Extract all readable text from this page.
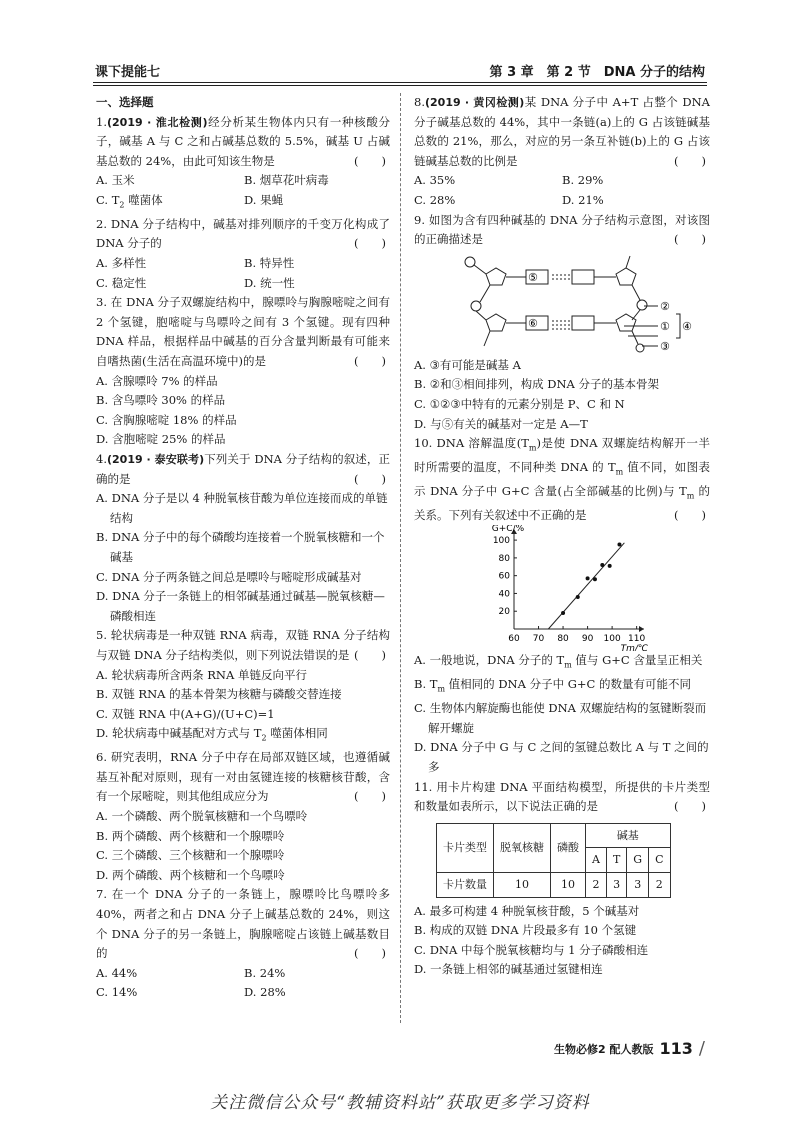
课下提能七	第 3 章　第 2 节　DNA 分子的结构
一、选择题
1.(2019 · 淮北检测)经分析某生物体内只有一种核酸分子，碱基 A 与 C 之和占碱基总数的 5.5%，碱基 U 占碱基总数的 24%，由此可知该生物是	(　　)
A. 玉米	B. 烟草花叶病毒
C. $T_2$ 噬菌体	D. 果蝇
2. DNA 分子结构中，碱基对排列顺序的千变万化构成了 DNA 分子的	(　　)
A. 多样性	B. 特异性
C. 稳定性	D. 统一性
3. 在 DNA 分子双螺旋结构中，腺嘌呤与胸腺嘧啶之间有 2 个氢键，胞嘧啶与鸟嘌呤之间有 3 个氢键。现有四种 DNA 样品，根据样品中碱基的百分含量判断最有可能来自嗜热菌(生活在高温环境中)的是	(　　)
A. 含腺嘌呤 7% 的样品
B. 含鸟嘌呤 30% 的样品
C. 含胸腺嘧啶 18% 的样品
D. 含胞嘧啶 25% 的样品
4.(2019 · 泰安联考)下列关于 DNA 分子结构的叙述，正确的是	(　　)
A. DNA 分子是以 4 种脱氧核苷酸为单位连接而成的单链结构
B. DNA 分子中的每个磷酸均连接着一个脱氧核糖和一个碱基
C. DNA 分子两条链之间总是嘌呤与嘧啶形成碱基对
D. DNA 分子一条链上的相邻碱基通过碱基—脱氧核糖—磷酸相连
5. 轮状病毒是一种双链 RNA 病毒，双链 RNA 分子结构与双链 DNA 分子结构类似，则下列说法错误的是 (　　)
A. 轮状病毒所含两条 RNA 单链反向平行
B. 双链 RNA 的基本骨架为核糖与磷酸交替连接
C. 双链 RNA 中(A+G)/(U+C)=1
D. 轮状病毒中碱基配对方式与 $T_2$ 噬菌体相同
6. 研究表明，RNA 分子中存在局部双链区域，也遵循碱基互补配对原则，现有一对由氢键连接的核糖核苷酸，含有一个尿嘧啶，则其他组成应分为	(　　)
A. 一个磷酸、两个脱氧核糖和一个鸟嘌呤
B. 两个磷酸、两个核糖和一个腺嘌呤
C. 三个磷酸、三个核糖和一个腺嘌呤
D. 两个磷酸、两个核糖和一个鸟嘌呤
7. 在一个 DNA 分子的一条链上，腺嘌呤比鸟嘌呤多 40%，两者之和占 DNA 分子上碱基总数的 24%，则这个 DNA 分子的另一条链上，胸腺嘧啶占该链上碱基数目的	(　　)
A. 44%	B. 24%
C. 14%	D. 28%
8.(2019 · 黄冈检测)某 DNA 分子中 A+T 占整个 DNA 分子碱基总数的 44%，其中一条链(a)上的 G 占该链碱基总数的 21%，那么，对应的另一条互补链(b)上的 G 占该链碱基总数的比例是	(　　)
A. 35%	B. 29%
C. 28%	D. 21%
9. 如图为含有四种碱基的 DNA 分子结构示意图，对该图的正确描述是	(　　)
⑤
⑥
②
①
③
④
A. ③有可能是碱基 A
B. ②和③相间排列，构成 DNA 分子的基本骨架
C. ①②③中特有的元素分别是 P、C 和 N
D. 与⑤有关的碱基对一定是 A—T
10. DNA 溶解温度$(T_m)$是使 DNA 双螺旋结构解开一半时所需要的温度，不同种类 DNA 的 $T_m$ 值不同，如图表示 DNA 分子中 G+C 含量(占全部碱基的比例)与 $T_m$ 的关系。下列有关叙述中不正确的是	(　　)
60 70 80 90 100 110
20
40
60
80
100
G+C/%
Tm/℃
A. 一般地说，DNA 分子的 $T_m$ 值与 G+C 含量呈正相关
B. $T_m$ 值相同的 DNA 分子中 G+C 的数量有可能不同
C. 生物体内解旋酶也能使 DNA 双螺旋结构的氢键断裂而解开螺旋
D. DNA 分子中 G 与 C 之间的氢键总数比 A 与 T 之间的多
11. 用卡片构建 DNA 平面结构模型，所提供的卡片类型和数量如表所示，以下说法正确的是	(　　)
卡片类型	脱氧核糖	磷酸	碱基			
			A	T	G	C
卡片数量	10	10	2	3	3	2
A. 最多可构建 4 种脱氧核苷酸，5 个碱基对
B. 构成的双链 DNA 片段最多有 10 个氢键
C. DNA 中每个脱氧核糖均与 1 分子磷酸相连
D. 一条链上相邻的碱基通过氢键相连
生物必修2 配人教版 113 /
关注微信公众号“教辅资料站”获取更多学习资料
